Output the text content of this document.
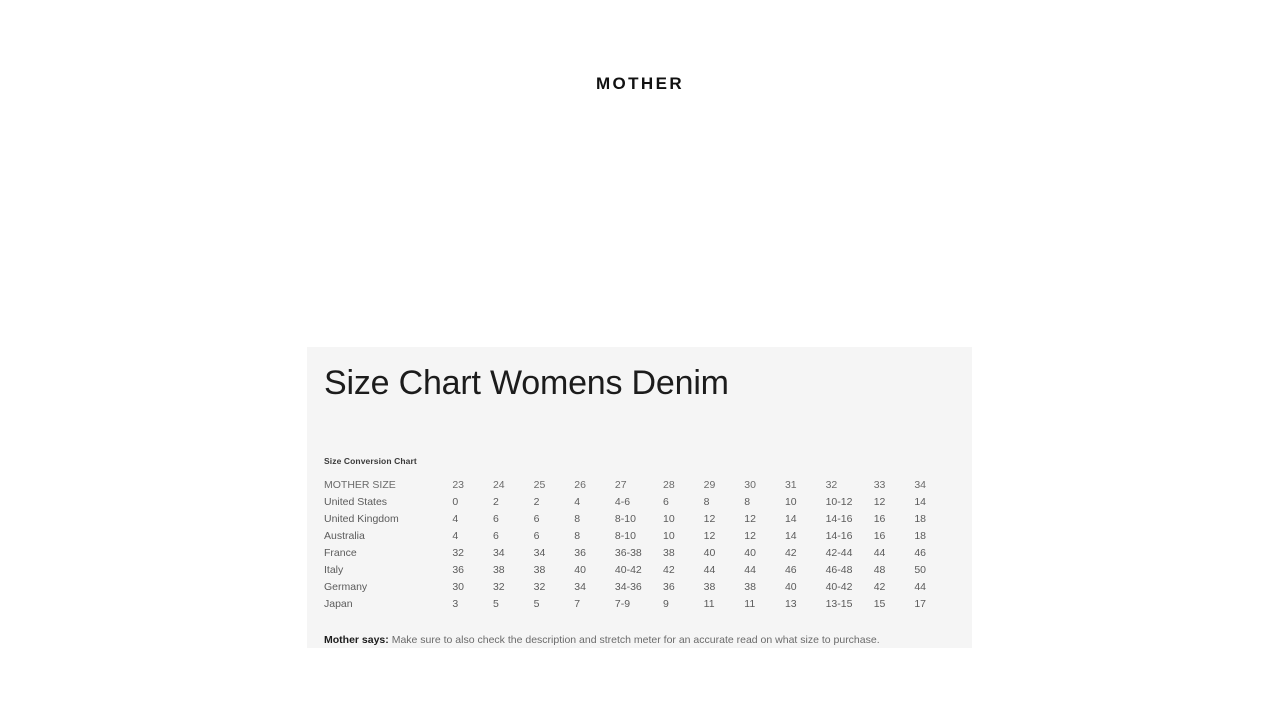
MOTHER
Size Chart Womens Denim
Size Conversion Chart
MOTHER SIZE	23	24	25	26	27	28	29	30	31	32	33	34
United States	0	2	2	4	4-6	6	8	8	10	10-12	12	14
United Kingdom	4	6	6	8	8-10	10	12	12	14	14-16	16	18
Australia	4	6	6	8	8-10	10	12	12	14	14-16	16	18
France	32	34	34	36	36-38	38	40	40	42	42-44	44	46
Italy	36	38	38	40	40-42	42	44	44	46	46-48	48	50
Germany	30	32	32	34	34-36	36	38	38	40	40-42	42	44
Japan	3	5	5	7	7-9	9	11	11	13	13-15	15	17
Mother says: Make sure to also check the description and stretch meter for an accurate read on what size to purchase.
